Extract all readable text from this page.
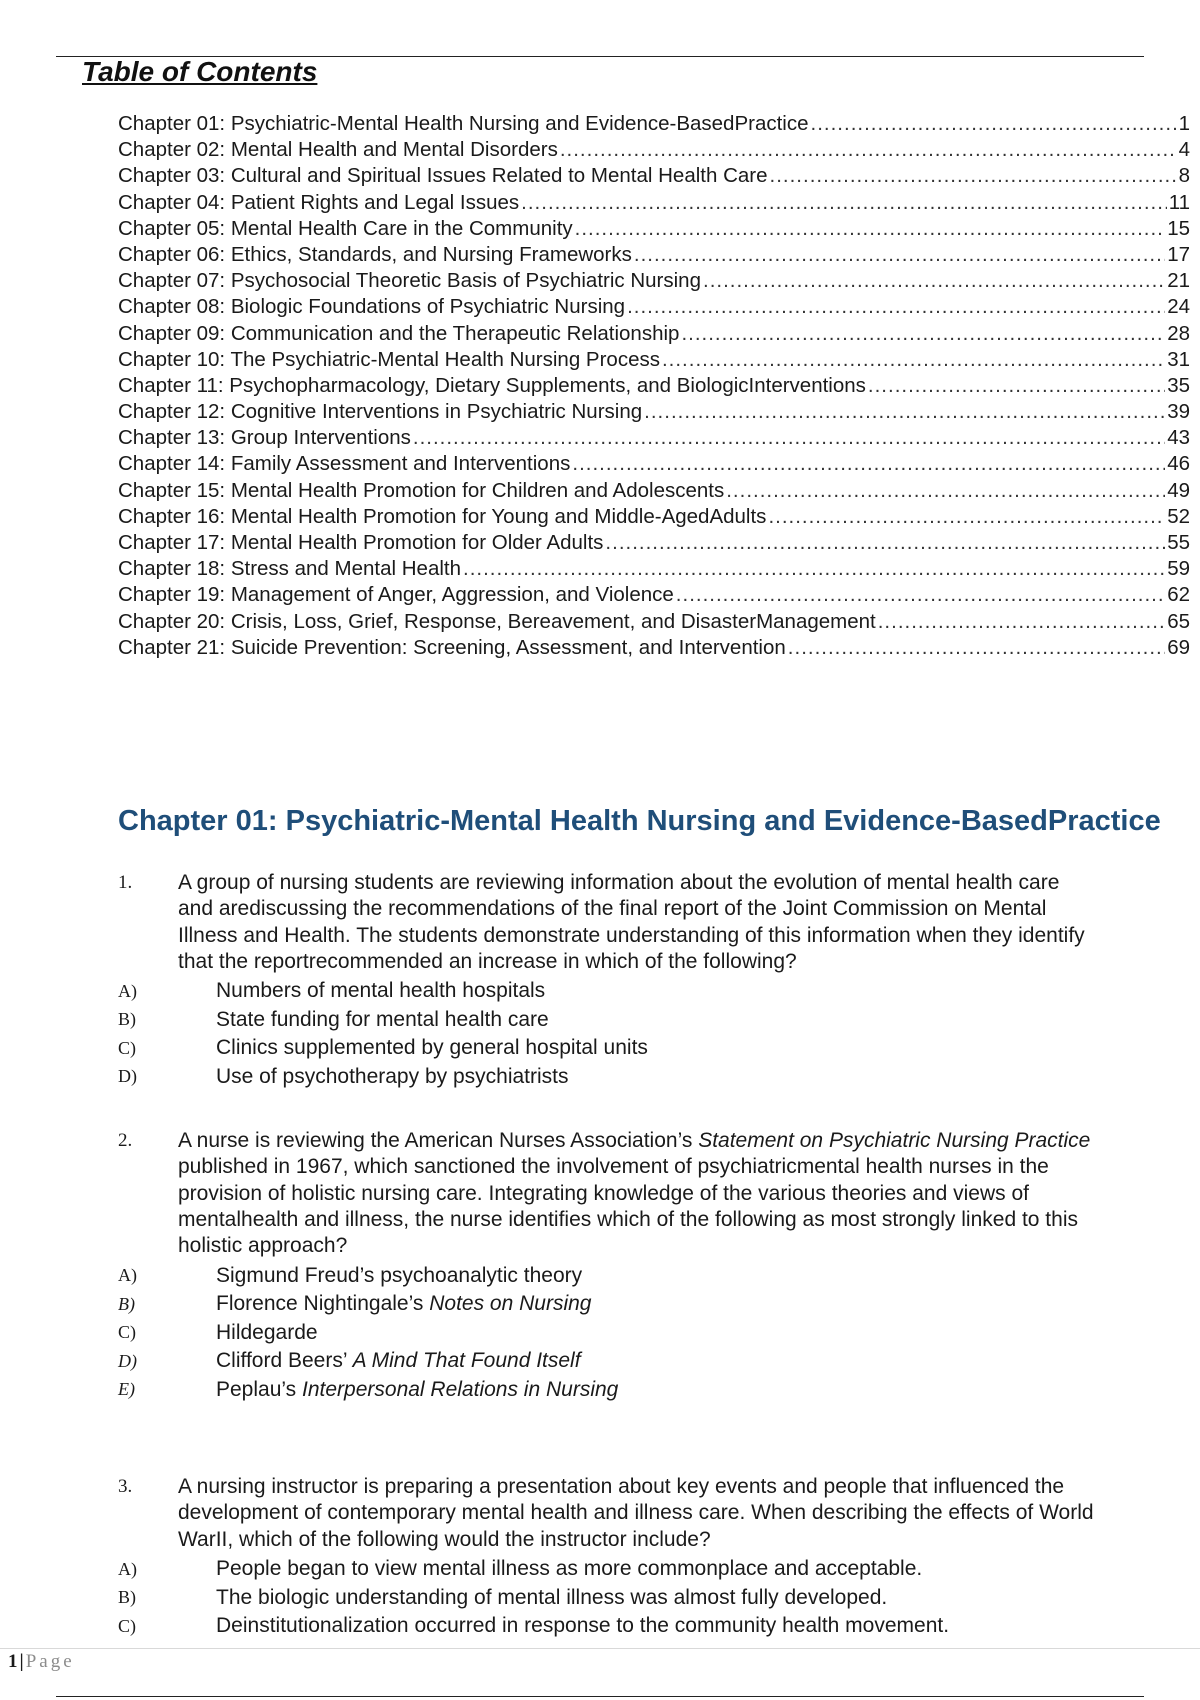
Table of Contents
Chapter 01: Psychiatric-Mental Health Nursing and Evidence-BasedPractice .....	1
Chapter 02: Mental Health and Mental Disorders .....	4
Chapter 03: Cultural and Spiritual Issues Related to Mental Health Care .....	8
Chapter 04: Patient Rights and Legal Issues .....	11
Chapter 05: Mental Health Care in the Community .....	15
Chapter 06: Ethics, Standards, and Nursing Frameworks .....	17
Chapter 07: Psychosocial Theoretic Basis of Psychiatric Nursing .....	21
Chapter 08: Biologic Foundations of Psychiatric Nursing .....	24
Chapter 09: Communication and the Therapeutic Relationship .....	28
Chapter 10: The Psychiatric-Mental Health Nursing Process .....	31
Chapter 11: Psychopharmacology, Dietary Supplements, and BiologicInterventions .....	35
Chapter 12: Cognitive Interventions in Psychiatric Nursing .....	39
Chapter 13: Group Interventions .....	43
Chapter 14: Family Assessment and Interventions .....	46
Chapter 15: Mental Health Promotion for Children and Adolescents .....	49
Chapter 16: Mental Health Promotion for Young and Middle-AgedAdults .....	52
Chapter 17: Mental Health Promotion for Older Adults .....	55
Chapter 18: Stress and Mental Health .....	59
Chapter 19: Management of Anger, Aggression, and Violence .....	62
Chapter 20: Crisis, Loss, Grief, Response, Bereavement, and DisasterManagement .....	65
Chapter 21: Suicide Prevention: Screening, Assessment, and Intervention .....	69
Chapter 01: Psychiatric-Mental Health Nursing and Evidence-BasedPractice
1.	A group of nursing students are reviewing information about the evolution of mental health care and arediscussing the recommendations of the final report of the Joint Commission on Mental Illness and Health. The students demonstrate understanding of this information when they identify that the reportrecommended an increase in which of the following?
A)	Numbers of mental health hospitals
B)	State funding for mental health care
C)	Clinics supplemented by general hospital units
D)	Use of psychotherapy by psychiatrists
2.	A nurse is reviewing the American Nurses Association’s Statement on Psychiatric Nursing Practice published in 1967, which sanctioned the involvement of psychiatricmental health nurses in the provision of holistic nursing care. Integrating knowledge of the various theories and views of mentalhealth and illness, the nurse identifies which of the following as most strongly linked to this holistic approach?
A)	Sigmund Freud’s psychoanalytic theory
B)	Florence Nightingale’s Notes on Nursing
C)	Hildegarde
D)	Clifford Beers’ A Mind That Found Itself
E)	Peplau’s Interpersonal Relations in Nursing
3.	A nursing instructor is preparing a presentation about key events and people that influenced the development of contemporary mental health and illness care. When describing the effects of World WarII, which of the following would the instructor include?
A)	People began to view mental illness as more commonplace and acceptable.
B)	The biologic understanding of mental illness was almost fully developed.
C)	Deinstitutionalization occurred in response to the community health movement.
1 | Page
